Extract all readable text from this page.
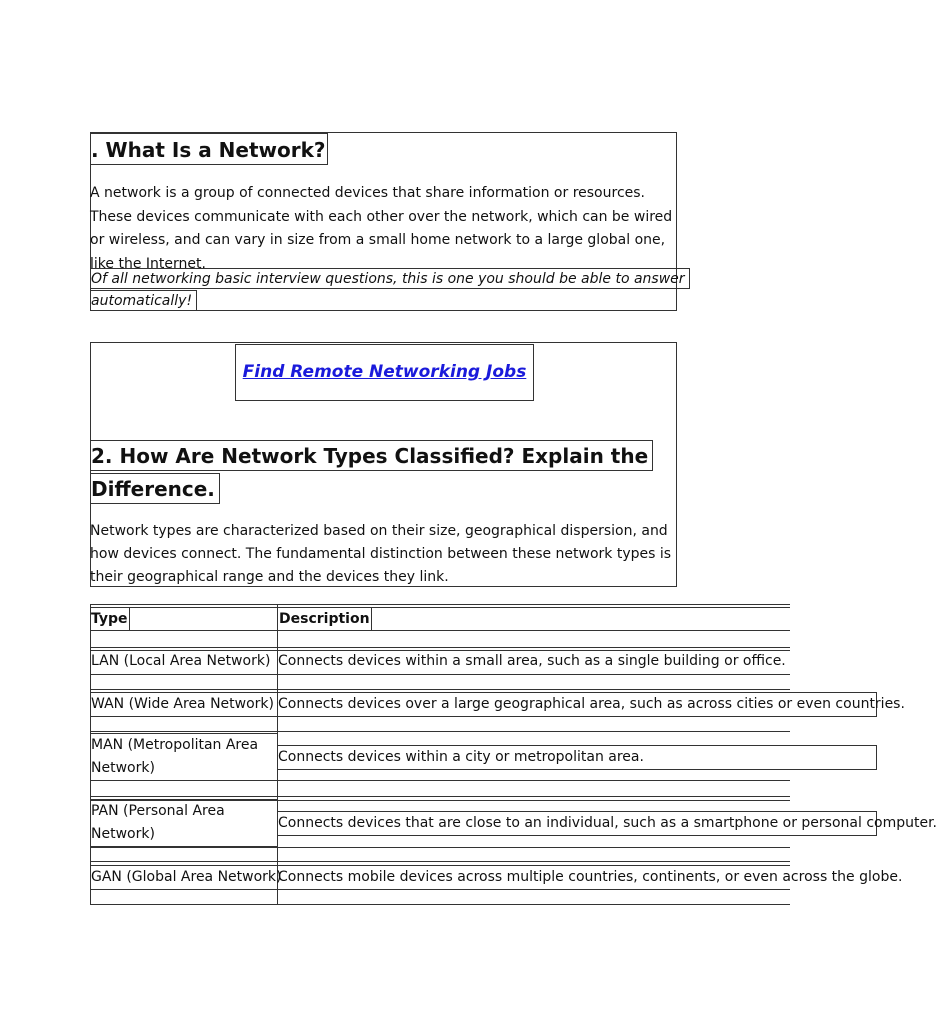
. What Is a Network?

A network is a group of connected devices that share information or resources. These devices communicate with each other over the network, which can be wired or wireless, and can vary in size from a small home network to a large global one, like the Internet.

Of all networking basic interview questions, this is one you should be able to answer
automatically!
Find Remote Networking Jobs
2. How Are Network Types Classified? Explain the
Difference.

Network types are characterized based on their size, geographical dispersion, and how devices connect. The fundamental distinction between these network types is their geographical range and the devices they link.

Type	Description
LAN (Local Area Network) Connects devices within a small area, such as a single building or office.
WAN (Wide Area Network) Connects devices over a large geographical area, such as across cities or even countries.
MAN (Metropolitan Area Network)
Connects devices within a city or metropolitan area.
PAN (Personal Area Network)
Connects devices that are close to an individual, such as a smartphone or personal computer.
GAN (Global Area Network)
Connects mobile devices across multiple countries, continents, or even across the globe.
